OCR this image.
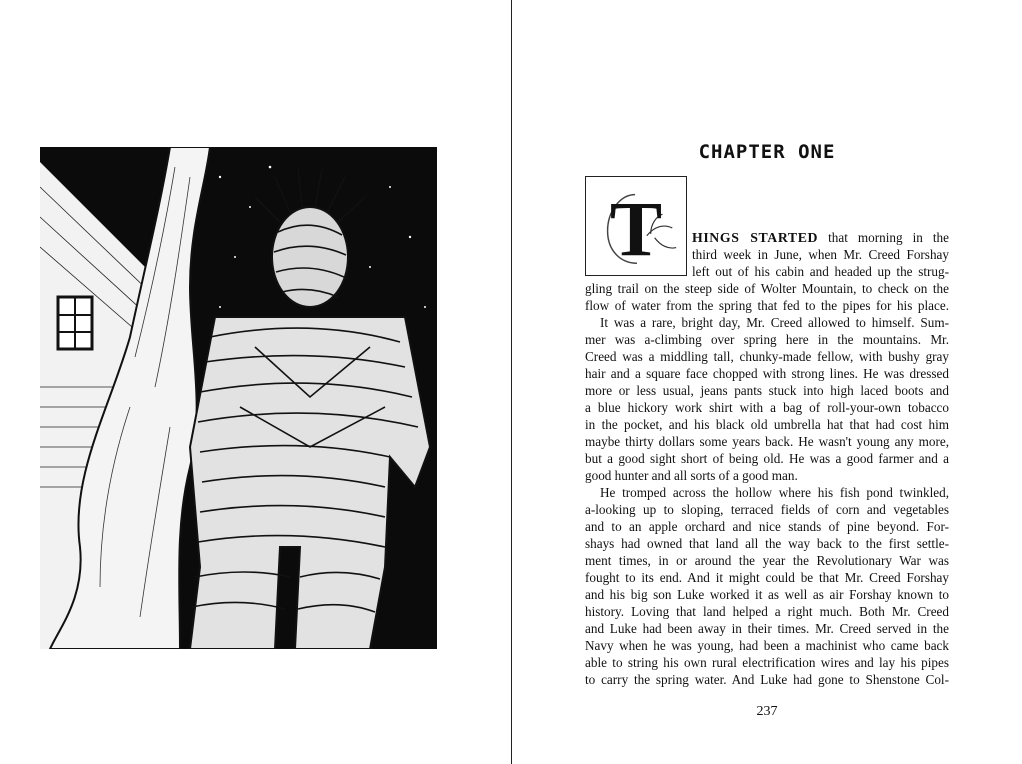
CHAPTER ONE
T HINGS STARTED that morning in the
third week in June, when Mr. Creed Forshay
left out of his cabin and headed up the strug-
gling trail on the steep side of Wolter Mountain, to check on the
flow of water from the spring that fed to the pipes for his place.
It was a rare, bright day, Mr. Creed allowed to himself. Sum-
mer was a-climbing over spring here in the mountains. Mr.
Creed was a middling tall, chunky-made fellow, with bushy gray
hair and a square face chopped with strong lines. He was dressed
more or less usual, jeans pants stuck into high laced boots and
a blue hickory work shirt with a bag of roll-your-own tobacco
in the pocket, and his black old umbrella hat that had cost him
maybe thirty dollars some years back. He wasn't young any more,
but a good sight short of being old. He was a good farmer and a
good hunter and all sorts of a good man.
He tromped across the hollow where his fish pond twinkled,
a-looking up to sloping, terraced fields of corn and vegetables
and to an apple orchard and nice stands of pine beyond. For-
shays had owned that land all the way back to the first settle-
ment times, in or around the year the Revolutionary War was
fought to its end. And it might could be that Mr. Creed Forshay
and his big son Luke worked it as well as air Forshay known to
history. Loving that land helped a right much. Both Mr. Creed
and Luke had been away in their times. Mr. Creed served in the
Navy when he was young, had been a machinist who came back
able to string his own rural electrification wires and lay his pipes
to carry the spring water. And Luke had gone to Shenstone Col-
237
